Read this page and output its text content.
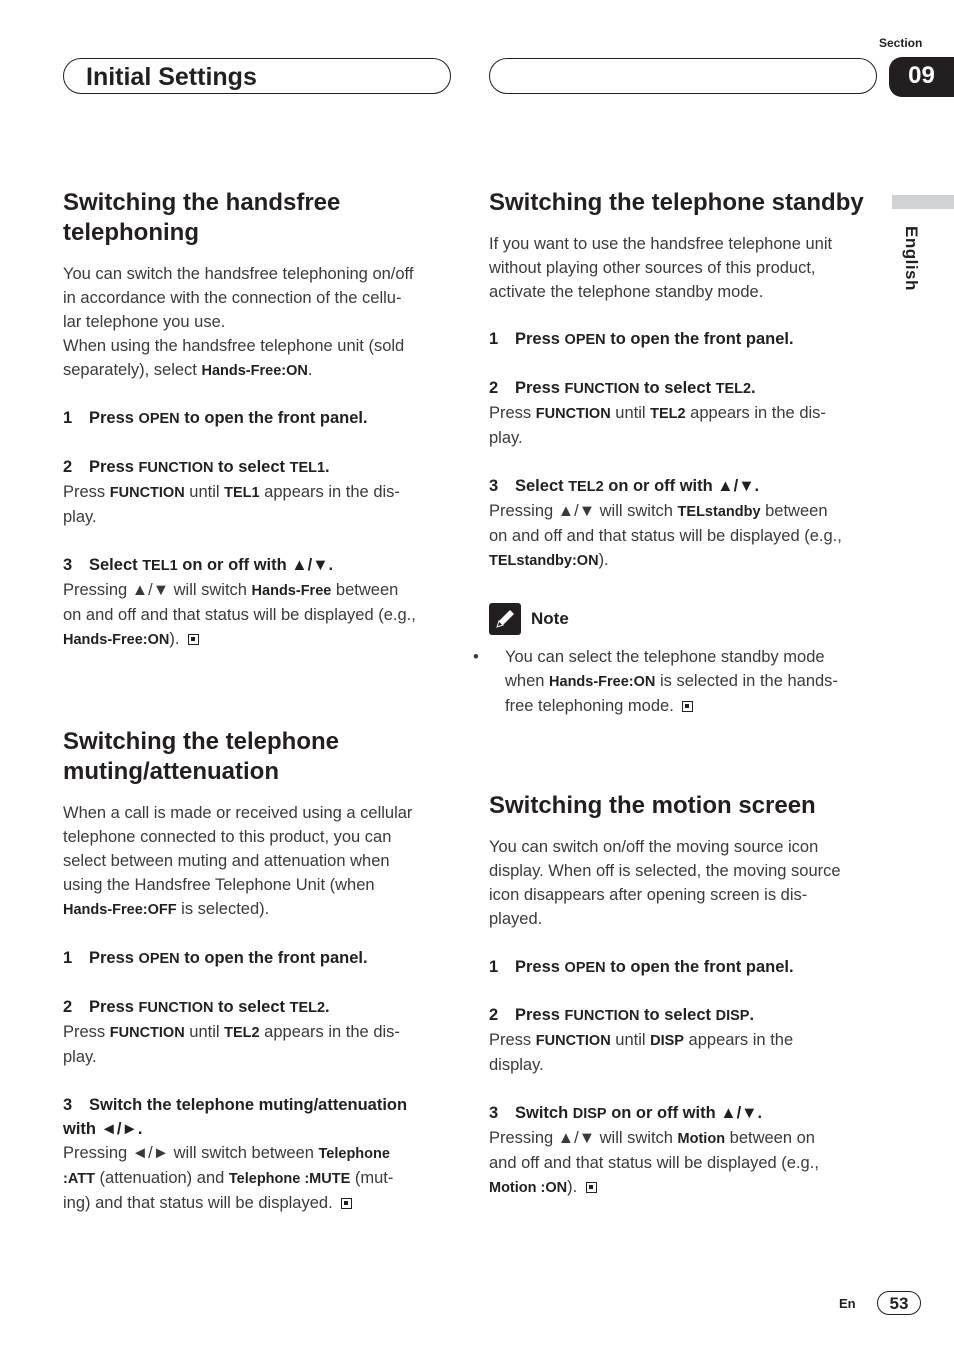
Initial Settings
Section
09
English
Switching the handsfree
telephoning
You can switch the handsfree telephoning on/off
in accordance with the connection of the cellu-
lar telephone you use.
When using the handsfree telephone unit (sold
separately), select Hands-Free:ON.
1 Press OPEN to open the front panel.
2 Press FUNCTION to select TEL1.
Press FUNCTION until TEL1 appears in the dis-
play.
3 Select TEL1 on or off with ▲/▼.
Pressing ▲/▼ will switch Hands-Free between
on and off and that status will be displayed (e.g.,
Hands-Free:ON).
Switching the telephone
muting/attenuation
When a call is made or received using a cellular
telephone connected to this product, you can
select between muting and attenuation when
using the Handsfree Telephone Unit (when
Hands-Free:OFF is selected).
1 Press OPEN to open the front panel.
2 Press FUNCTION to select TEL2.
Press FUNCTION until TEL2 appears in the dis-
play.
3 Switch the telephone muting/attenuation
with ◄/►.
Pressing ◄/► will switch between Telephone
:ATT (attenuation) and Telephone :MUTE (mut-
ing) and that status will be displayed.
Switching the telephone standby
If you want to use the handsfree telephone unit
without playing other sources of this product,
activate the telephone standby mode.
1 Press OPEN to open the front panel.
2 Press FUNCTION to select TEL2.
Press FUNCTION until TEL2 appears in the dis-
play.
3 Select TEL2 on or off with ▲/▼.
Pressing ▲/▼ will switch TELstandby between
on and off and that status will be displayed (e.g.,
TELstandby:ON).
Note
• You can select the telephone standby mode
when Hands-Free:ON is selected in the hands-
free telephoning mode.
Switching the motion screen
You can switch on/off the moving source icon
display. When off is selected, the moving source
icon disappears after opening screen is dis-
played.
1 Press OPEN to open the front panel.
2 Press FUNCTION to select DISP.
Press FUNCTION until DISP appears in the
display.
3 Switch DISP on or off with ▲/▼.
Pressing ▲/▼ will switch Motion between on
and off and that status will be displayed (e.g.,
Motion :ON).
En	53
